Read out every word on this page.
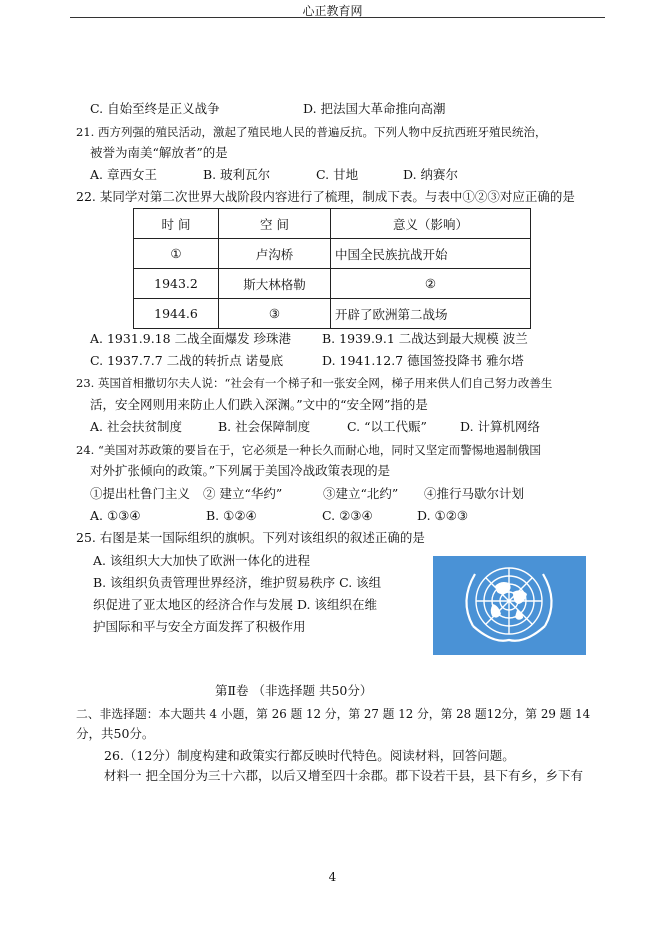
心正教育网
C. 自始至终是正义战争	D. 把法国大革命推向高潮
21. 西方列强的殖民活动，激起了殖民地人民的普遍反抗。下列人物中反抗西班牙殖民统治，
被誉为南美“解放者”的是
A. 章西女王	B. 玻利瓦尔	C. 甘地	D. 纳赛尔
22. 某同学对第二次世界大战阶段内容进行了梳理，制成下表。与表中①②③对应正确的是
时 间	空 间	意义（影响）
①	卢沟桥	中国全民族抗战开始
1943.2	斯大林格勒	②
1944.6	③	开辟了欧洲第二战场
A. 1931.9.18 二战全面爆发 珍珠港 B. 1939.9.1 二战达到最大规模 波兰
C. 1937.7.7 二战的转折点 诺曼底	D. 1941.12.7 德国签投降书 雅尔塔
23. 英国首相撒切尔夫人说：“社会有一个梯子和一张安全网，梯子用来供人们自己努力改善生
活，安全网则用来防止人们跌入深渊。”文中的“安全网”指的是
A. 社会扶贫制度	B. 社会保障制度	C. “以工代赈”	D. 计算机网络
24. “美国对苏政策的要旨在于，它必须是一种长久而耐心地，同时又坚定而警惕地遏制俄国
对外扩张倾向的政策。”下列属于美国冷战政策表现的是
①提出杜鲁门主义 ② 建立“华约”	③建立“北约” ④推行马歇尔计划
A. ①③④	B. ①②④	C. ②③④	D. ①②③
25. 右图是某一国际组织的旗帜。下列对该组织的叙述正确的是
A. 该组织大大加快了欧洲一体化的进程
B. 该组织负责管理世界经济，维护贸易秩序 C. 该组
织促进了亚太地区的经济合作与发展 D. 该组织在维
护国际和平与安全方面发挥了积极作用
第Ⅱ卷 （非选择题 共50分）
二、非选择题：本大题共 4 小题，第 26 题 12 分，第 27 题 12 分，第 28 题12分，第 29 题 14
分，共50分。
26.（12分）制度构建和政策实行都反映时代特色。阅读材料，回答问题。
材料一 把全国分为三十六郡，以后又增至四十余郡。郡下设若干县，县下有乡，乡下有
4
